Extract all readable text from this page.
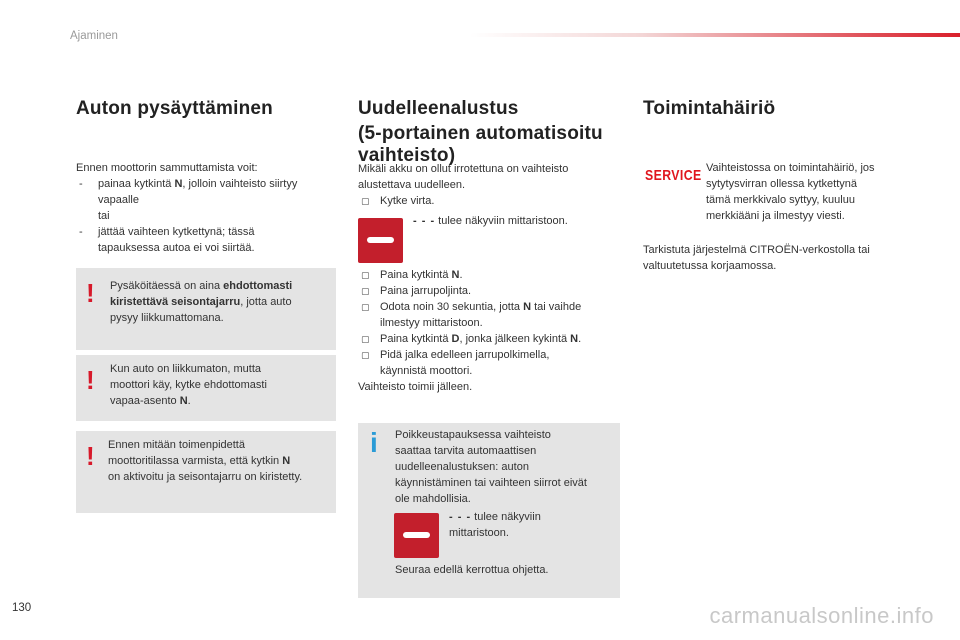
Ajaminen
Auton pysäyttäminen

Ennen moottorin sammuttamista voit:

- painaa kytkintä N, jolloin vaihteisto siirtyy

vapaalle

tai

- jättää vaihteen kytkettynä; tässä

tapauksessa autoa ei voi siirtää.

! Pysäköitäessä on aina ehdottomasti

kiristettävä seisontajarru, jotta auto

pysyy liikkumattomana.

! Kun auto on liikkumaton, mutta

moottori käy, kytke ehdottomasti

vapaa-asento N.

! Ennen mitään toimenpidettä

moottoritilassa varmista, että kytkin N

on aktivoitu ja seisontajarru on kiristetty.

Uudelleenalustus
(5-portainen automatisoitu
vaihteisto)

Mikäli akku on ollut irrotettuna on vaihteisto

alustettava uudelleen.

▢ Kytke virta.

- - - tulee näkyviin mittaristoon.

▢ Paina kytkintä N.

▢ Paina jarrupoljinta.

▢ Odota noin 30 sekuntia, jotta N tai vaihde

ilmestyy mittaristoon.

▢ Paina kytkintä D, jonka jälkeen kykintä N.

▢ Pidä jalka edelleen jarrupolkimella,

käynnistä moottori.

Vaihteisto toimii jälleen.

i Poikkeustapauksessa vaihteisto

saattaa tarvita automaattisen

uudelleenalustuksen: auton

käynnistäminen tai vaihteen siirrot eivät

ole mahdollisia.

- - - tulee näkyviin

mittaristoon.

Seuraa edellä kerrottua ohjetta.
Toimintahäiriö
SERVICE Vaihteistossa on toimintahäiriö, jos

sytytysvirran ollessa kytkettynä

tämä merkkivalo syttyy, kuuluu

merkkiääni ja ilmestyy viesti.

Tarkistuta järjestelmä CITROËN-verkostolla tai

valtuutetussa korjaamossa.

130	carmanualsonline.info
